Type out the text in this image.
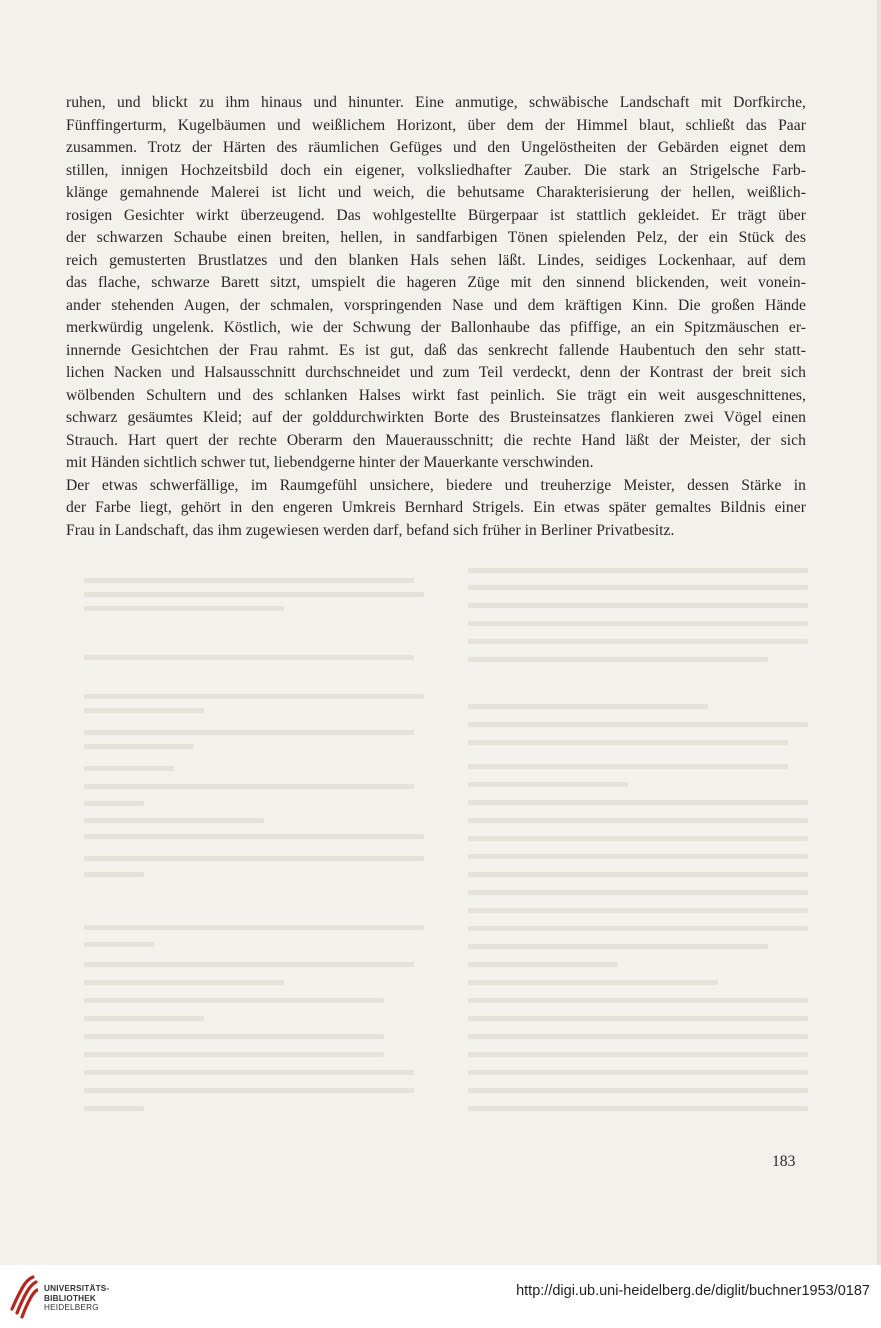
ruhen, und blickt zu ihm hinaus und hinunter. Eine anmutige, schwäbische Landschaft mit Dorfkirche,
Fünffingerturm, Kugelbäumen und weißlichem Horizont, über dem der Himmel blaut, schließt das Paar
zusammen. Trotz der Härten des räumlichen Gefüges und den Ungelöstheiten der Gebärden eignet dem
stillen, innigen Hochzeitsbild doch ein eigener, volksliedhafter Zauber. Die stark an Strigelsche Farb-
klänge gemahnende Malerei ist licht und weich, die behutsame Charakterisierung der hellen, weißlich-
rosigen Gesichter wirkt überzeugend. Das wohlgestellte Bürgerpaar ist stattlich gekleidet. Er trägt über
der schwarzen Schaube einen breiten, hellen, in sandfarbigen Tönen spielenden Pelz, der ein Stück des
reich gemusterten Brustlatzes und den blanken Hals sehen läßt. Lindes, seidiges Lockenhaar, auf dem
das flache, schwarze Barett sitzt, umspielt die hageren Züge mit den sinnend blickenden, weit vonein-
ander stehenden Augen, der schmalen, vorspringenden Nase und dem kräftigen Kinn. Die großen Hände
merkwürdig ungelenk. Köstlich, wie der Schwung der Ballonhaube das pfiffige, an ein Spitzmäuschen er-
innernde Gesichtchen der Frau rahmt. Es ist gut, daß das senkrecht fallende Haubentuch den sehr statt-
lichen Nacken und Halsausschnitt durchschneidet und zum Teil verdeckt, denn der Kontrast der breit sich
wölbenden Schultern und des schlanken Halses wirkt fast peinlich. Sie trägt ein weit ausgeschnittenes,
schwarz gesäumtes Kleid; auf der golddurchwirkten Borte des Brusteinsatzes flankieren zwei Vögel einen
Strauch. Hart quert der rechte Oberarm den Mauerausschnitt; die rechte Hand läßt der Meister, der sich
mit Händen sichtlich schwer tut, liebendgerne hinter der Mauerkante verschwinden.
Der etwas schwerfällige, im Raumgefühl unsichere, biedere und treuherzige Meister, dessen Stärke in
der Farbe liegt, gehört in den engeren Umkreis Bernhard Strigels. Ein etwas später gemaltes Bildnis einer
Frau in Landschaft, das ihm zugewiesen werden darf, befand sich früher in Berliner Privatbesitz.
183
UNIVERSITÄTS-
BIBLIOTHEK
HEIDELBERG
http://digi.ub.uni-heidelberg.de/diglit/buchner1953/0187
